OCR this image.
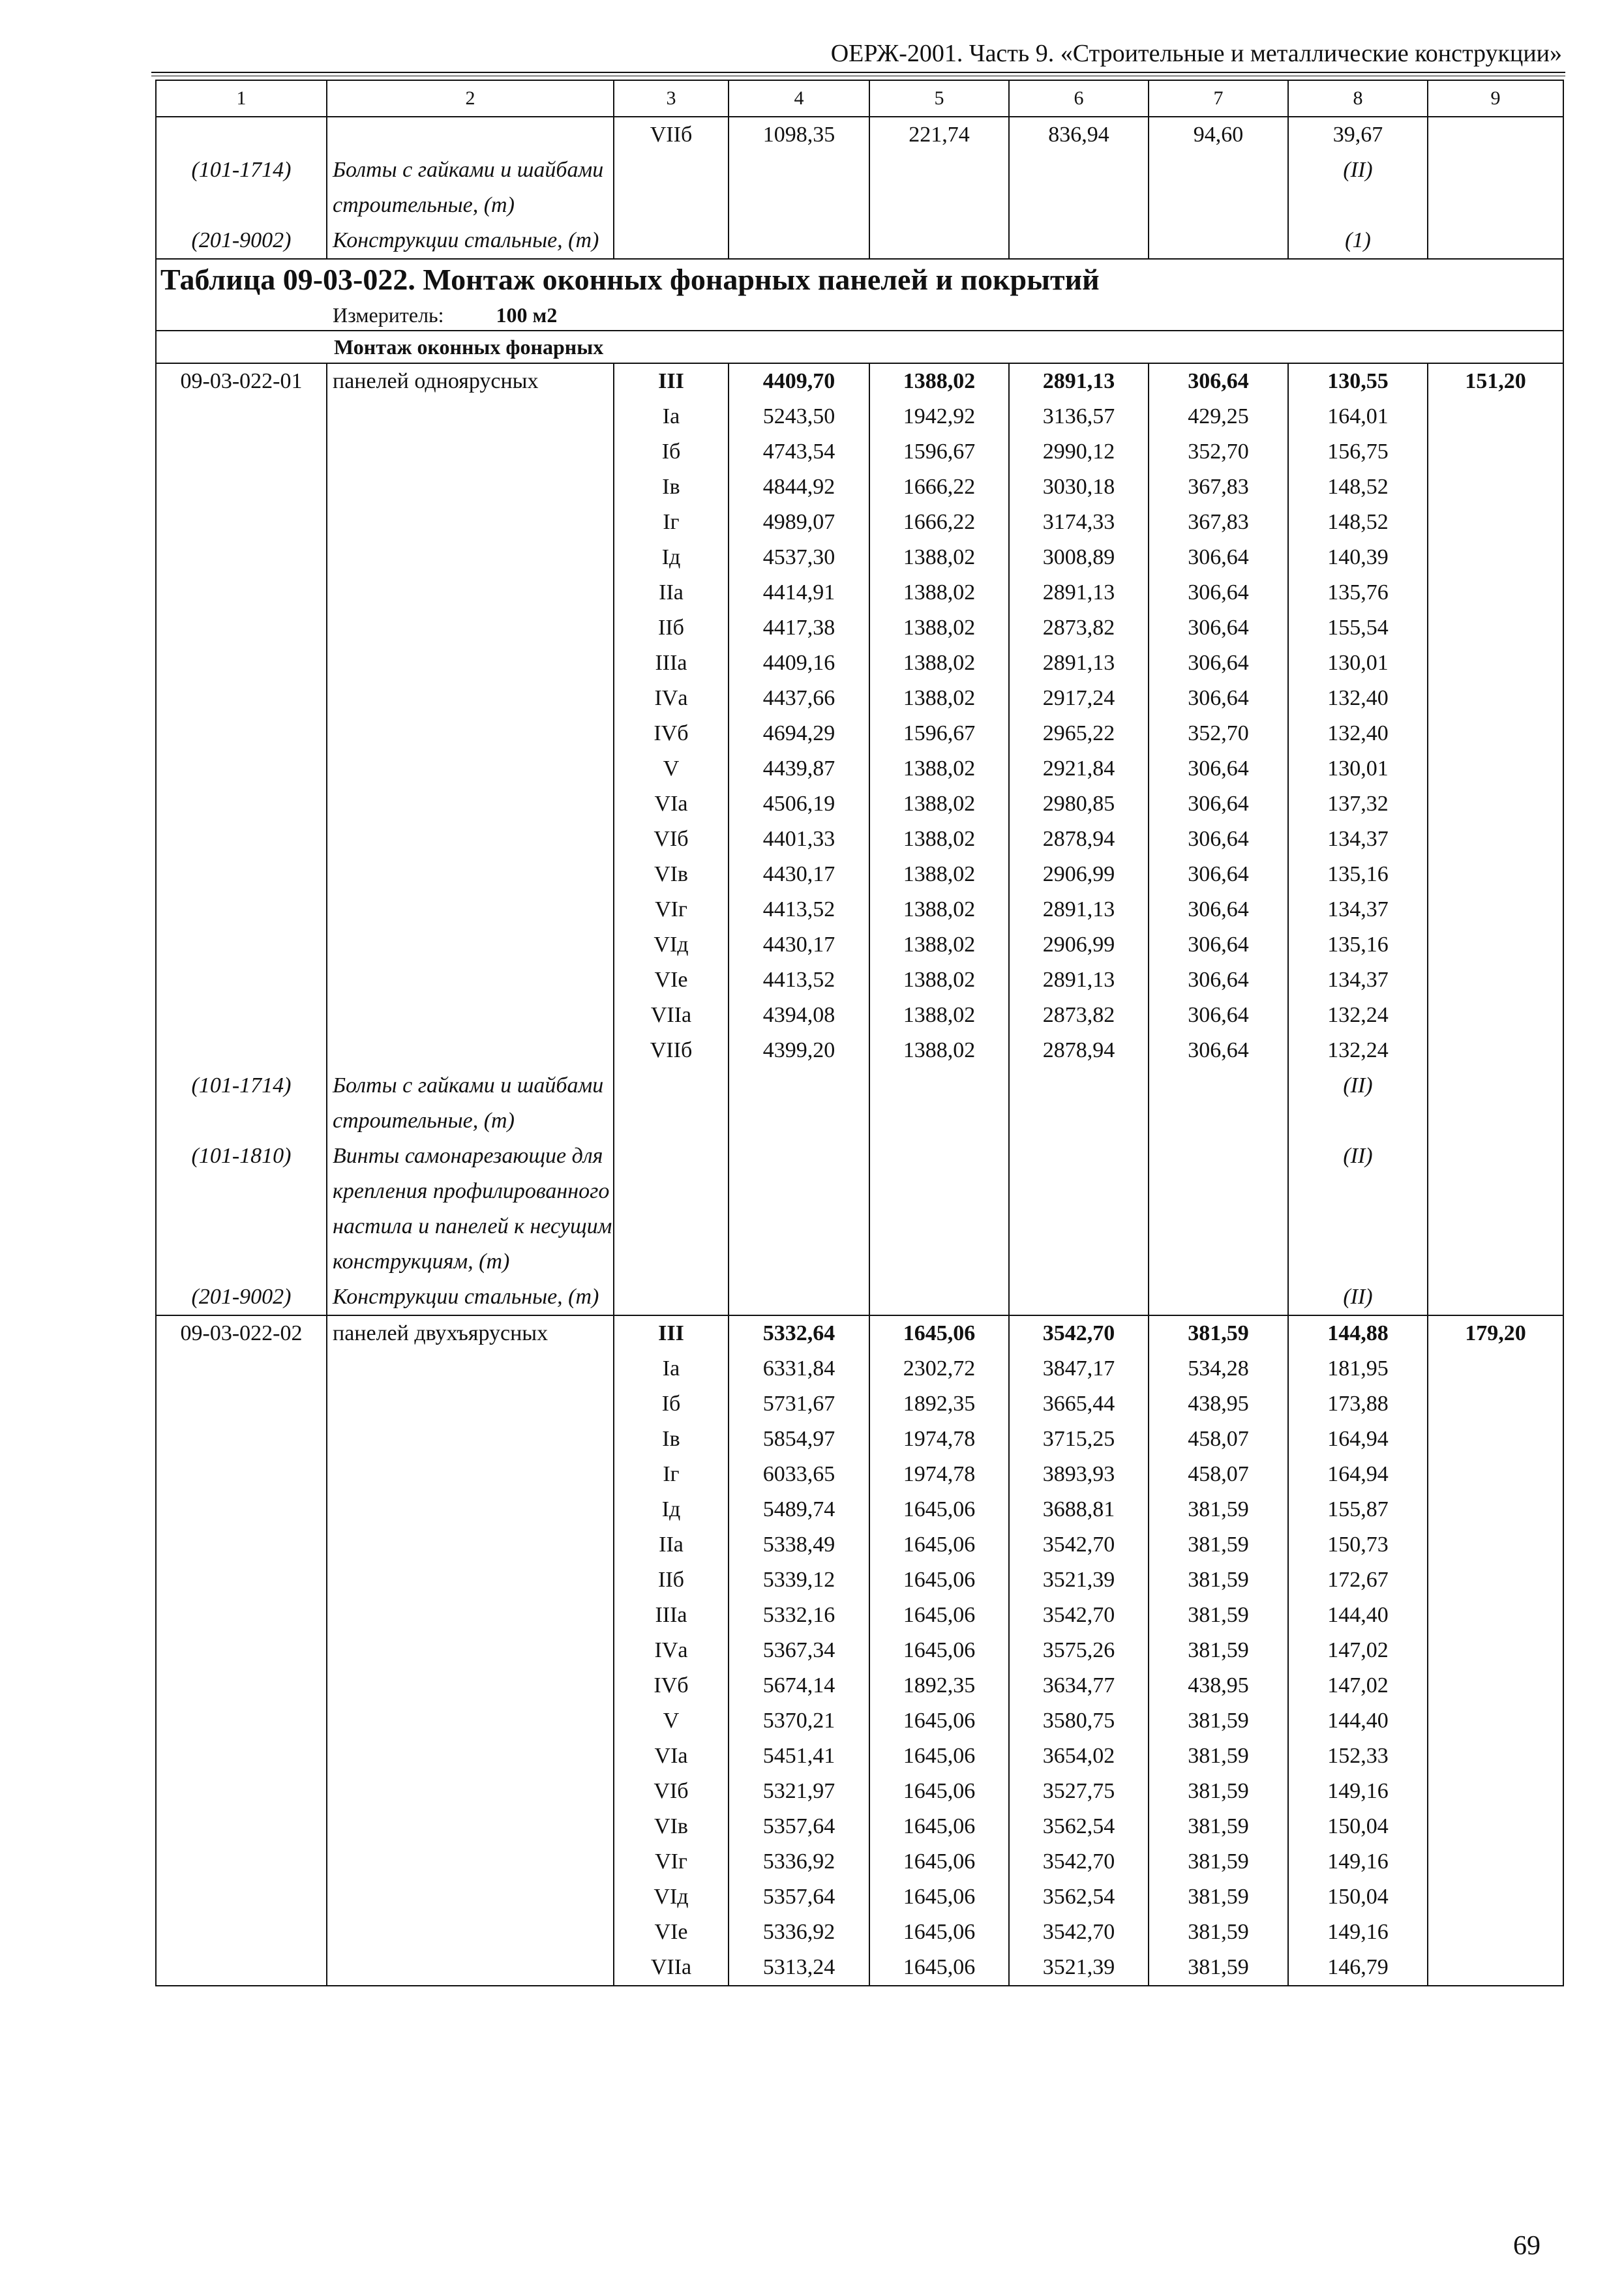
ОЕРЖ-2001. Часть 9. «Строительные и металлические конструкции»
1	2	3	4	5	6	7	8	9
		VIIб	1098,35	221,74	836,94	94,60	39,67	
(101-1714)	Болты с гайками и шайбами строительные, (т)						(II)	
(201-9002)	Конструкции стальные, (т)						(1)	

Таблица 09-03-022. Монтаж оконных фонарных панелей и покрытий
Измеритель: 100 м2								

Монтаж оконных фонарных								

09-03-022-01	панелей одноярусных	III	4409,70	1388,02	2891,13	306,64	130,55	151,20
		Iа	5243,50	1942,92	3136,57	429,25	164,01	
		Iб	4743,54	1596,67	2990,12	352,70	156,75	
		Iв	4844,92	1666,22	3030,18	367,83	148,52	
		Iг	4989,07	1666,22	3174,33	367,83	148,52	
		Iд	4537,30	1388,02	3008,89	306,64	140,39	
		IIа	4414,91	1388,02	2891,13	306,64	135,76	
		IIб	4417,38	1388,02	2873,82	306,64	155,54	
		IIIа	4409,16	1388,02	2891,13	306,64	130,01	
		IVа	4437,66	1388,02	2917,24	306,64	132,40	
		IVб	4694,29	1596,67	2965,22	352,70	132,40	
		V	4439,87	1388,02	2921,84	306,64	130,01	
		VIа	4506,19	1388,02	2980,85	306,64	137,32	
		VIб	4401,33	1388,02	2878,94	306,64	134,37	
		VIв	4430,17	1388,02	2906,99	306,64	135,16	
		VIг	4413,52	1388,02	2891,13	306,64	134,37	
		VIд	4430,17	1388,02	2906,99	306,64	135,16	
		VIе	4413,52	1388,02	2891,13	306,64	134,37	
		VIIа	4394,08	1388,02	2873,82	306,64	132,24	
		VIIб	4399,20	1388,02	2878,94	306,64	132,24	
(101-1714)	Болты с гайками и шайбами строительные, (т)						(II)	
(101-1810)	Винты самонарезающие для крепления профилированного настила и панелей к несущим конструкциям, (т)						(II)	
(201-9002)	Конструкции стальные, (т)						(II)	
09-03-022-02	панелей двухъярусных	III	5332,64	1645,06	3542,70	381,59	144,88	179,20
		Iа	6331,84	2302,72	3847,17	534,28	181,95	
		Iб	5731,67	1892,35	3665,44	438,95	173,88	
		Iв	5854,97	1974,78	3715,25	458,07	164,94	
		Iг	6033,65	1974,78	3893,93	458,07	164,94	
		Iд	5489,74	1645,06	3688,81	381,59	155,87	
		IIа	5338,49	1645,06	3542,70	381,59	150,73	
		IIб	5339,12	1645,06	3521,39	381,59	172,67	
		IIIа	5332,16	1645,06	3542,70	381,59	144,40	
		IVа	5367,34	1645,06	3575,26	381,59	147,02	
		IVб	5674,14	1892,35	3634,77	438,95	147,02	
		V	5370,21	1645,06	3580,75	381,59	144,40	
		VIа	5451,41	1645,06	3654,02	381,59	152,33	
		VIб	5321,97	1645,06	3527,75	381,59	149,16	
		VIв	5357,64	1645,06	3562,54	381,59	150,04	
		VIг	5336,92	1645,06	3542,70	381,59	149,16	
		VIд	5357,64	1645,06	3562,54	381,59	150,04	
		VIе	5336,92	1645,06	3542,70	381,59	149,16	
		VIIа	5313,24	1645,06	3521,39	381,59	146,79	
69
